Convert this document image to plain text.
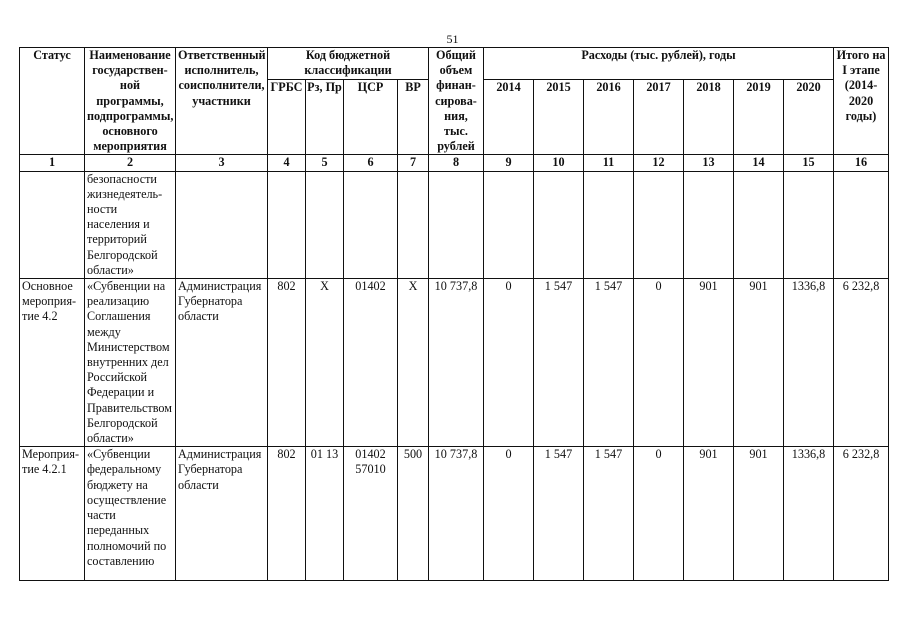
51
Статус	Наименование государствен-ной программы, подпрограммы, основного мероприятия	Ответственный исполнитель, соисполнители, участники	Код бюджетной классификации				Общий объем финан-сирова-ния, тыс. рублей	Расходы (тыс. рублей), годы							Итого на I этапе (2014-2020 годы)
			ГРБС	Рз, Пр	ЦСР	ВР		2014	2015	2016	2017	2018	2019	2020	
1	2	3	4	5	6	7	8	9	10	11	12	13	14	15	16
	безопасности жизнедеятель-ности населения и территорий Белгородской области»														
Основное мероприя-тие 4.2	«Субвенции на реализацию Соглашения между Министерством внутренних дел Российской Федерации и Правительством Белгородской области»	Администрация Губернатора области	802	Х	01402	Х	10 737,8	0	1 547	1 547	0	901	901	1336,8	6 232,8
Мероприя-тие 4.2.1	«Субвенции федеральному бюджету на осуществление части переданных полномочий по составлению	Администрация Губернатора области	802	01 13	01402 57010	500	10 737,8	0	1 547	1 547	0	901	901	1336,8	6 232,8
